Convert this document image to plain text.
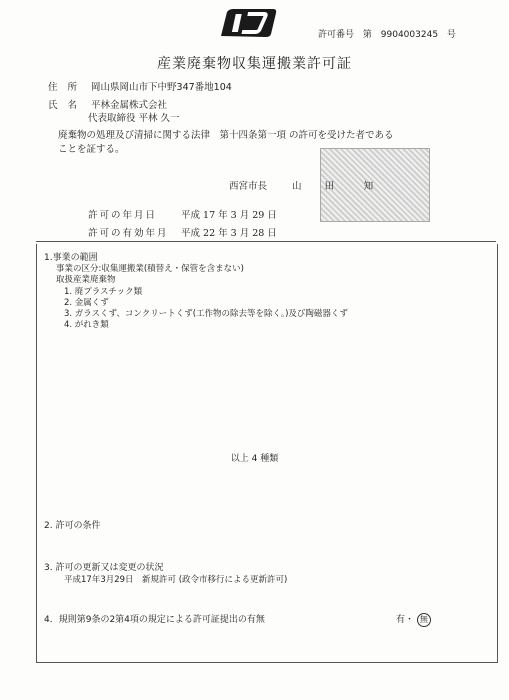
許可番号 第 9904003245 号
産業廃棄物収集運搬業許可証
住所 岡山県岡山市下中野347番地104
氏名 平林金属株式会社
代表取締役 平林 久一
廃棄物の処理及び清掃に関する法律　第十四条第一項 の許可を受けた者であることを証する。
西宮市長	山 田　知
許可の年月日	平成 17 年 3 月 29 日
許可の有効年月 平成 22 年 3 月 28 日
1.事業の範囲
事業の区分:収集運搬業(積替え・保管を含まない)
取扱産業廃棄物
1. 廃プラスチック類
2. 金属くず
3. ガラスくず、コンクリートくず(工作物の除去等を除く。)及び陶磁器くず
4. がれき類
以上 4 種類
2. 許可の条件
3. 許可の更新又は変更の状況
平成17年3月29日　新規許可 (政令市移行による更新許可)
4．規則第9条の2第4項の規定による許可証提出の有無	有・ 無
